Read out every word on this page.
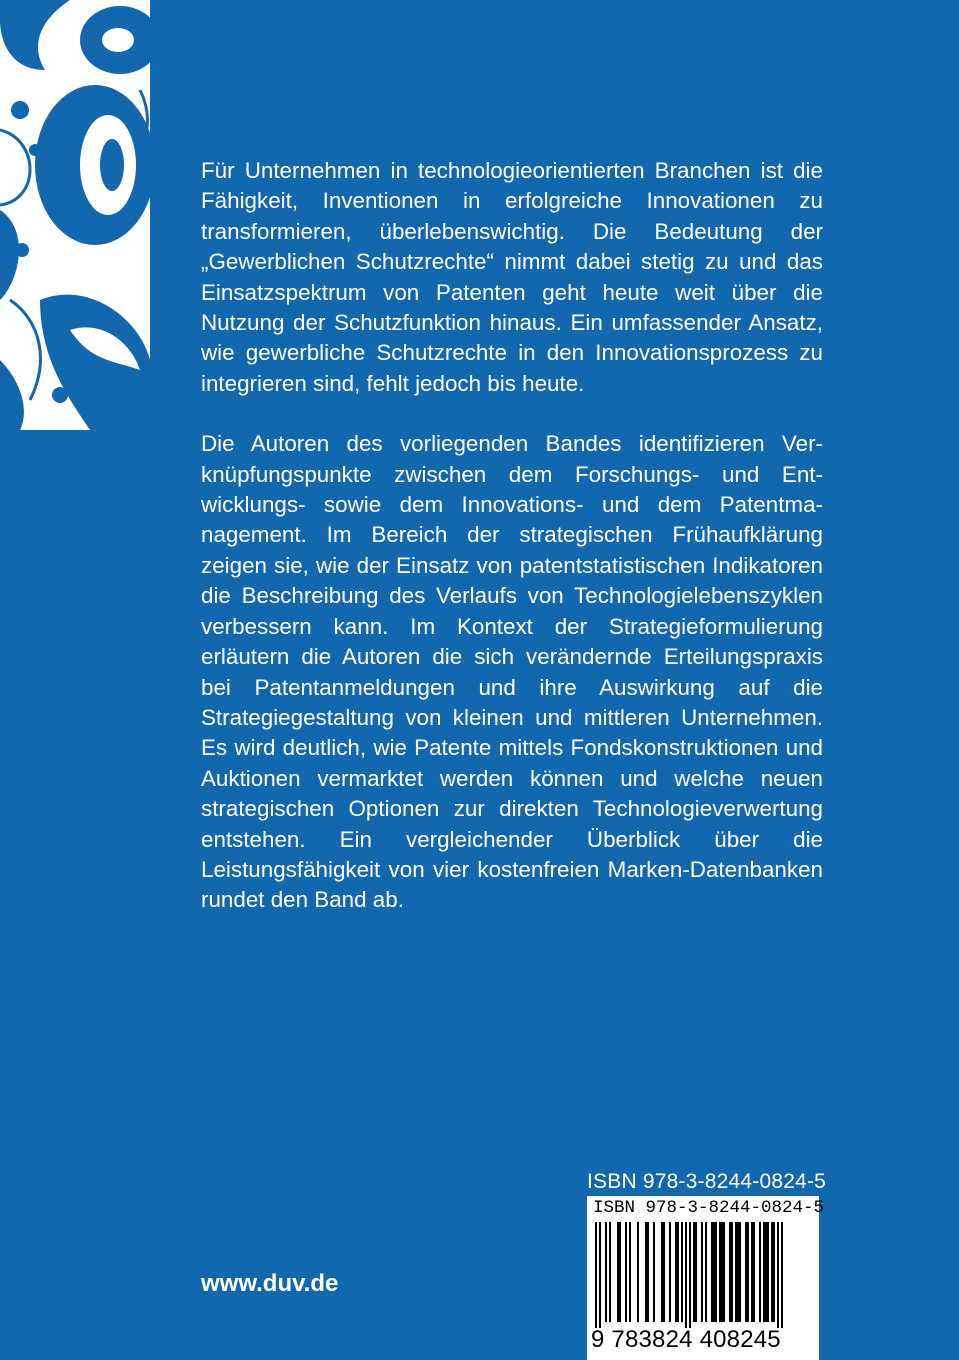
Für Unternehmen in technologieorientierten Branchen ist die Fähigkeit, Inventionen in erfolgreiche Innovationen zu transformieren, überlebenswichtig. Die Bedeutung der „Gewerblichen Schutzrechte“ nimmt dabei stetig zu und das Einsatzspektrum von Patenten geht heute weit über die Nutzung der Schutzfunktion hinaus. Ein umfassender Ansatz, wie gewerbliche Schutzrechte in den Innovationsprozess zu integrieren sind, fehlt jedoch bis heute.

Die Autoren des vorliegenden Bandes identifizieren Verknüpfungspunkte zwischen dem Forschungs- und Entwicklungs- sowie dem Innovations- und dem Patentmanagement. Im Bereich der strategischen Frühaufklärung zeigen sie, wie der Einsatz von patentstatistischen Indikatoren die Beschreibung des Verlaufs von Technologielebenszyklen verbessern kann. Im Kontext der Strategieformulierung erläutern die Autoren die sich verändernde Erteilungspraxis bei Patentanmeldungen und ihre Auswirkung auf die Strategiegestaltung von kleinen und mittleren Unternehmen. Es wird deutlich, wie Patente mittels Fondskonstruktionen und Auktionen vermarktet werden können und welche neuen strategischen Optionen zur direkten Technologieverwertung entstehen. Ein vergleichender Überblick über die Leistungsfähigkeit von vier kostenfreien Marken-Datenbanken rundet den Band ab.

ISBN 978-3-8244-0824-5
ISBN 978-3-8244-0824-5
9 783824 408245
www.duv.de
